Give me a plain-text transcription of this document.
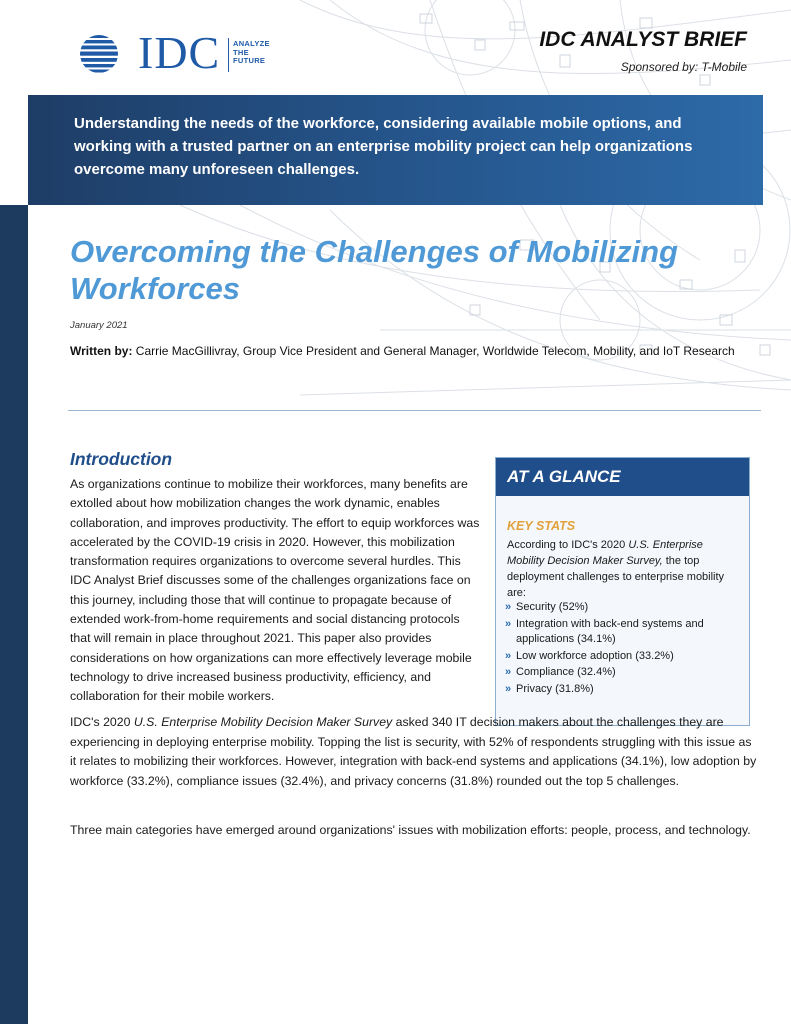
IDC ANALYZE
THE
FUTURE
IDC ANALYST BRIEF
Sponsored by: T-Mobile
Understanding the needs of the workforce, considering available mobile options, and working with a trusted partner on an enterprise mobility project can help organizations overcome many unforeseen challenges.
Overcoming the Challenges of Mobilizing Workforces
January 2021
Written by: Carrie MacGillivray, Group Vice President and General Manager, Worldwide Telecom, Mobility, and IoT Research
Introduction
As organizations continue to mobilize their workforces, many benefits are extolled about how mobilization changes the work dynamic, enables collaboration, and improves productivity. The effort to equip workforces was accelerated by the COVID-19 crisis in 2020. However, this mobilization transformation requires organizations to overcome several hurdles. This IDC Analyst Brief discusses some of the challenges organizations face on this journey, including those that will continue to propagate because of extended work-from-home requirements and social distancing protocols that will remain in place throughout 2021. This paper also provides considerations on how organizations can more effectively leverage mobile technology to drive increased business productivity, efficiency, and collaboration for their mobile workers.
AT A GLANCE
KEY STATS
According to IDC's 2020 U.S. Enterprise Mobility Decision Maker Survey, the top deployment challenges to enterprise mobility are:
» Security (52%)
» Integration with back-end systems and applications (34.1%)
» Low workforce adoption (33.2%)
» Compliance (32.4%)
» Privacy (31.8%)
IDC's 2020 U.S. Enterprise Mobility Decision Maker Survey asked 340 IT decision makers about the challenges they are experiencing in deploying enterprise mobility. Topping the list is security, with 52% of respondents struggling with this issue as it relates to mobilizing their workforces. However, integration with back-end systems and applications (34.1%), low adoption by workforce (33.2%), compliance issues (32.4%), and privacy concerns (31.8%) rounded out the top 5 challenges.
Three main categories have emerged around organizations' issues with mobilization efforts: people, process, and technology.
